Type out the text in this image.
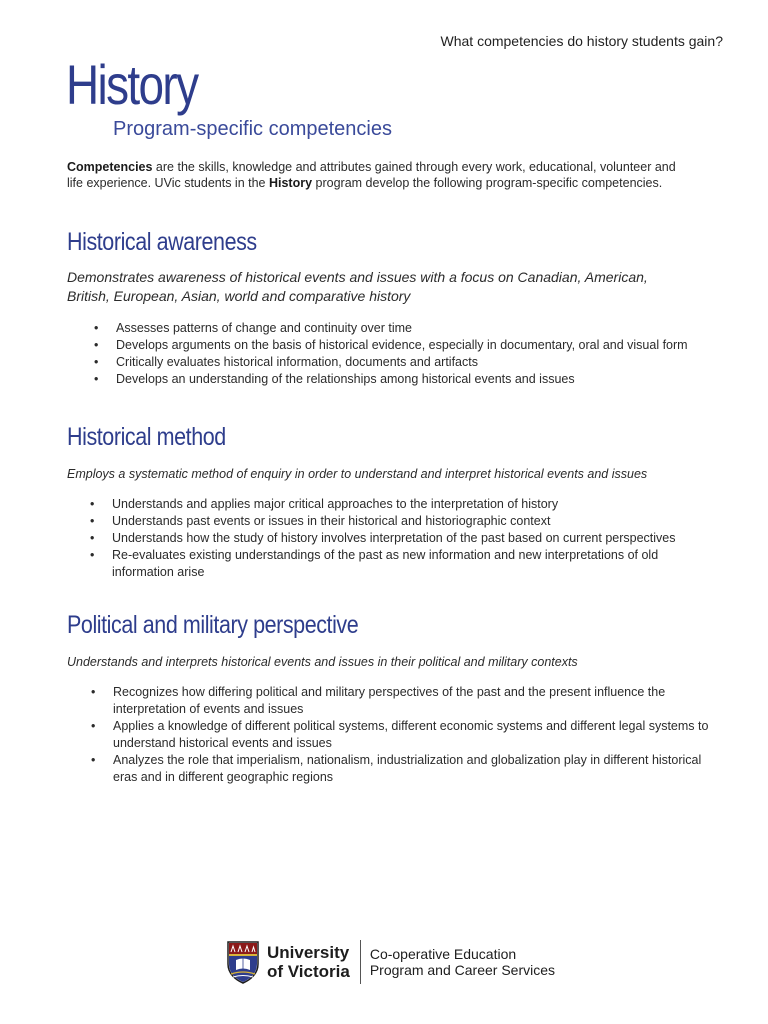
What competencies do history students gain?
History
Program-specific competencies

Competencies are the skills, knowledge and attributes gained through every work, educational, volunteer and life experience. UVic students in the History program develop the following program-specific competencies.

Historical awareness

Demonstrates awareness of historical events and issues with a focus on Canadian, American, British, European, Asian, world and comparative history

• Assesses patterns of change and continuity over time
• Develops arguments on the basis of historical evidence, especially in documentary, oral and visual form
• Critically evaluates historical information, documents and artifacts
• Develops an understanding of the relationships among historical events and issues
Historical method

Employs a systematic method of enquiry in order to understand and interpret historical events and issues

• Understands and applies major critical approaches to the interpretation of history
• Understands past events or issues in their historical and historiographic context
• Understands how the study of history involves interpretation of the past based on current perspectives
• Re-evaluates existing understandings of the past as new information and new interpretations of old information arise
Political and military perspective

Understands and interprets historical events and issues in their political and military contexts

• Recognizes how differing political and military perspectives of the past and the present influence the interpretation of events and issues
• Applies a knowledge of different political systems, different economic systems and different legal systems to understand historical events and issues
• Analyzes the role that imperialism, nationalism, industrialization and globalization play in different historical eras and in different geographic regions
University
of Victoria
Co-operative Education
Program and Career Services
